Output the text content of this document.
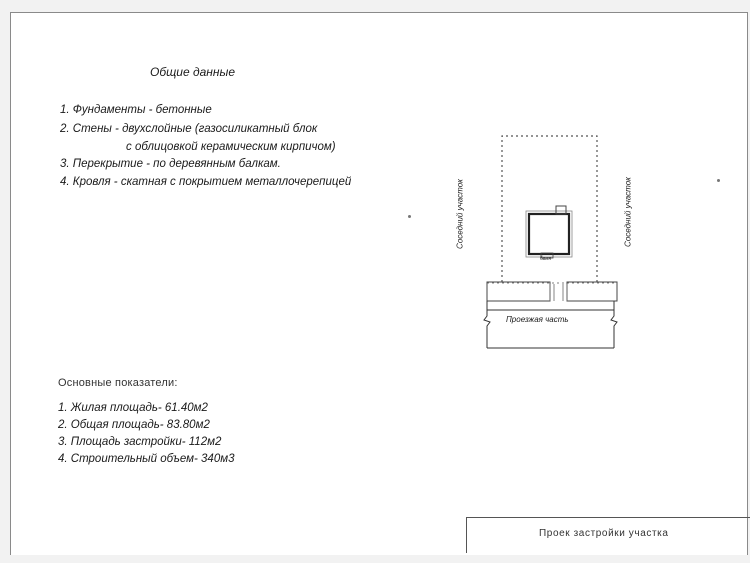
Общие данные
1. Фундаменты - бетонные
2. Стены - двухслойные (газосиликатный блок
с облицовкой керамическим кирпичом)
3. Перекрытие - по деревянным балкам.
4. Кровля - скатная с покрытием металлочерепицей
Проезжая часть
баня
Соседний участок	Соседний участок
Основные показатели:
1. Жилая площадь- 61.40м2
2. Общая площадь- 83.80м2
3. Площадь застройки- 112м2
4. Строительный объем- 340м3
Проек застройки участка
